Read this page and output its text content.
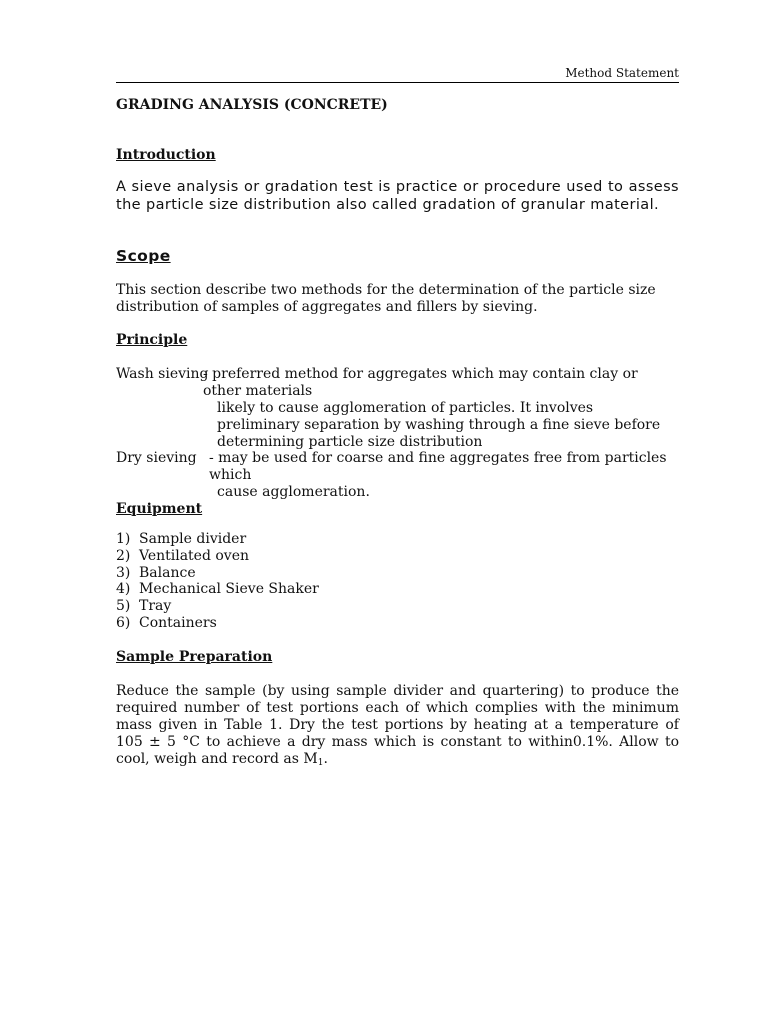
Method Statement
GRADING ANALYSIS (CONCRETE)
Introduction
A sieve analysis or gradation test is practice or procedure used to assess the particle size distribution also called gradation of granular material.
Scope
This section describe two methods for the determination of the particle size distribution of samples of aggregates and fillers by sieving.
Principle
Wash sieving
- preferred method for aggregates which may contain clay or other materials
likely to cause agglomeration of particles. It involves preliminary separation by washing through a fine sieve before determining particle size distribution
Dry sieving - may be used for coarse and fine aggregates free from particles which
cause agglomeration.
Equipment
1) Sample divider
2) Ventilated oven
3) Balance
4) Mechanical Sieve Shaker
5) Tray
6) Containers
Sample Preparation
Reduce the sample (by using sample divider and quartering) to produce the required number of test portions each of which complies with the minimum mass given in Table 1. Dry the test portions by heating at a temperature of 105 ± 5 °C to achieve a dry mass which is constant to within0.1%. Allow to cool, weigh and record as $M_1$.
